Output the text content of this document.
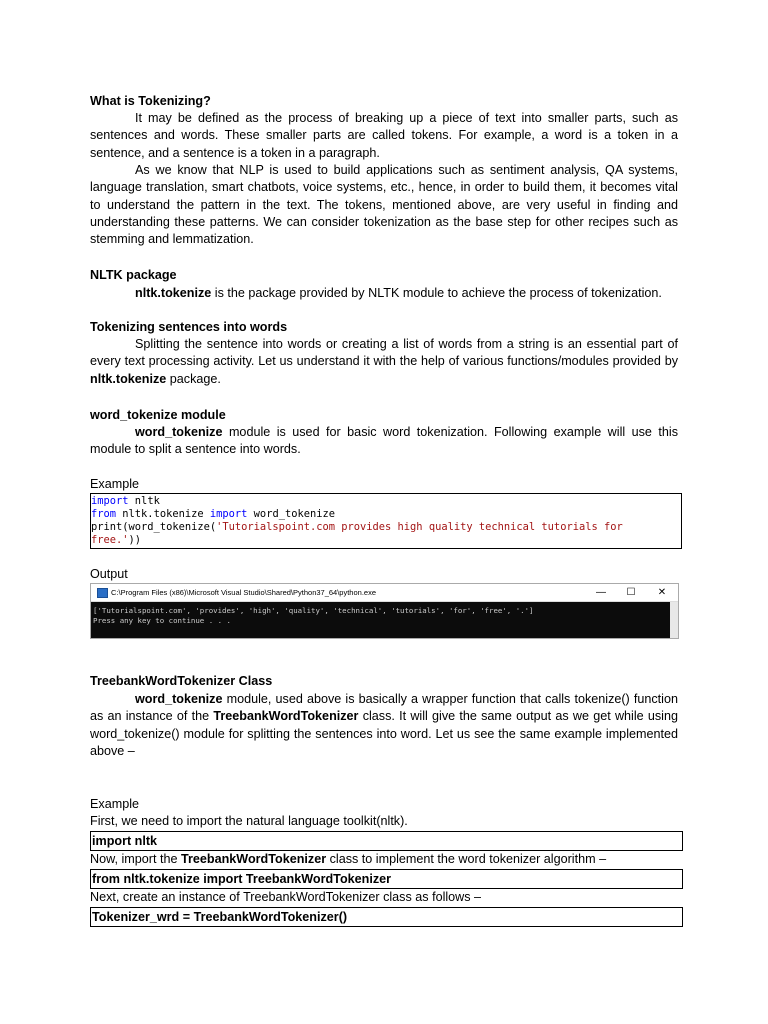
What is Tokenizing?

It may be defined as the process of breaking up a piece of text into smaller parts, such as sentences and words. These smaller parts are called tokens. For example, a word is a token in a sentence, and a sentence is a token in a paragraph.

As we know that NLP is used to build applications such as sentiment analysis, QA systems, language translation, smart chatbots, voice systems, etc., hence, in order to build them, it becomes vital to understand the pattern in the text. The tokens, mentioned above, are very useful in finding and understanding these patterns. We can consider tokenization as the base step for other recipes such as stemming and lemmatization.

NLTK package

nltk.tokenize is the package provided by NLTK module to achieve the process of tokenization.

Tokenizing sentences into words

Splitting the sentence into words or creating a list of words from a string is an essential part of every text processing activity. Let us understand it with the help of various functions/modules provided by nltk.tokenize package.

word_tokenize module

word_tokenize module is used for basic word tokenization. Following example will use this module to split a sentence into words.

Example
import nltk
from nltk.tokenize import word_tokenize
print(word_tokenize('Tutorialspoint.com provides high quality technical tutorials for
free.'))
Output
C:\Program Files (x86)\Microsoft Visual Studio\Shared\Python37_64\python.exe	—	☐	✕
['Tutorialspoint.com', 'provides', 'high', 'quality', 'technical', 'tutorials', 'for', 'free', '.']
Press any key to continue . . .
TreebankWordTokenizer Class

word_tokenize module, used above is basically a wrapper function that calls tokenize() function as an instance of the TreebankWordTokenizer class. It will give the same output as we get while using word_tokenize() module for splitting the sentences into word. Let us see the same example implemented above –

Example
First, we need to import the natural language toolkit(nltk).
import nltk
Now, import the TreebankWordTokenizer class to implement the word tokenizer algorithm –
from nltk.tokenize import TreebankWordTokenizer
Next, create an instance of TreebankWordTokenizer class as follows –
Tokenizer_wrd = TreebankWordTokenizer()
